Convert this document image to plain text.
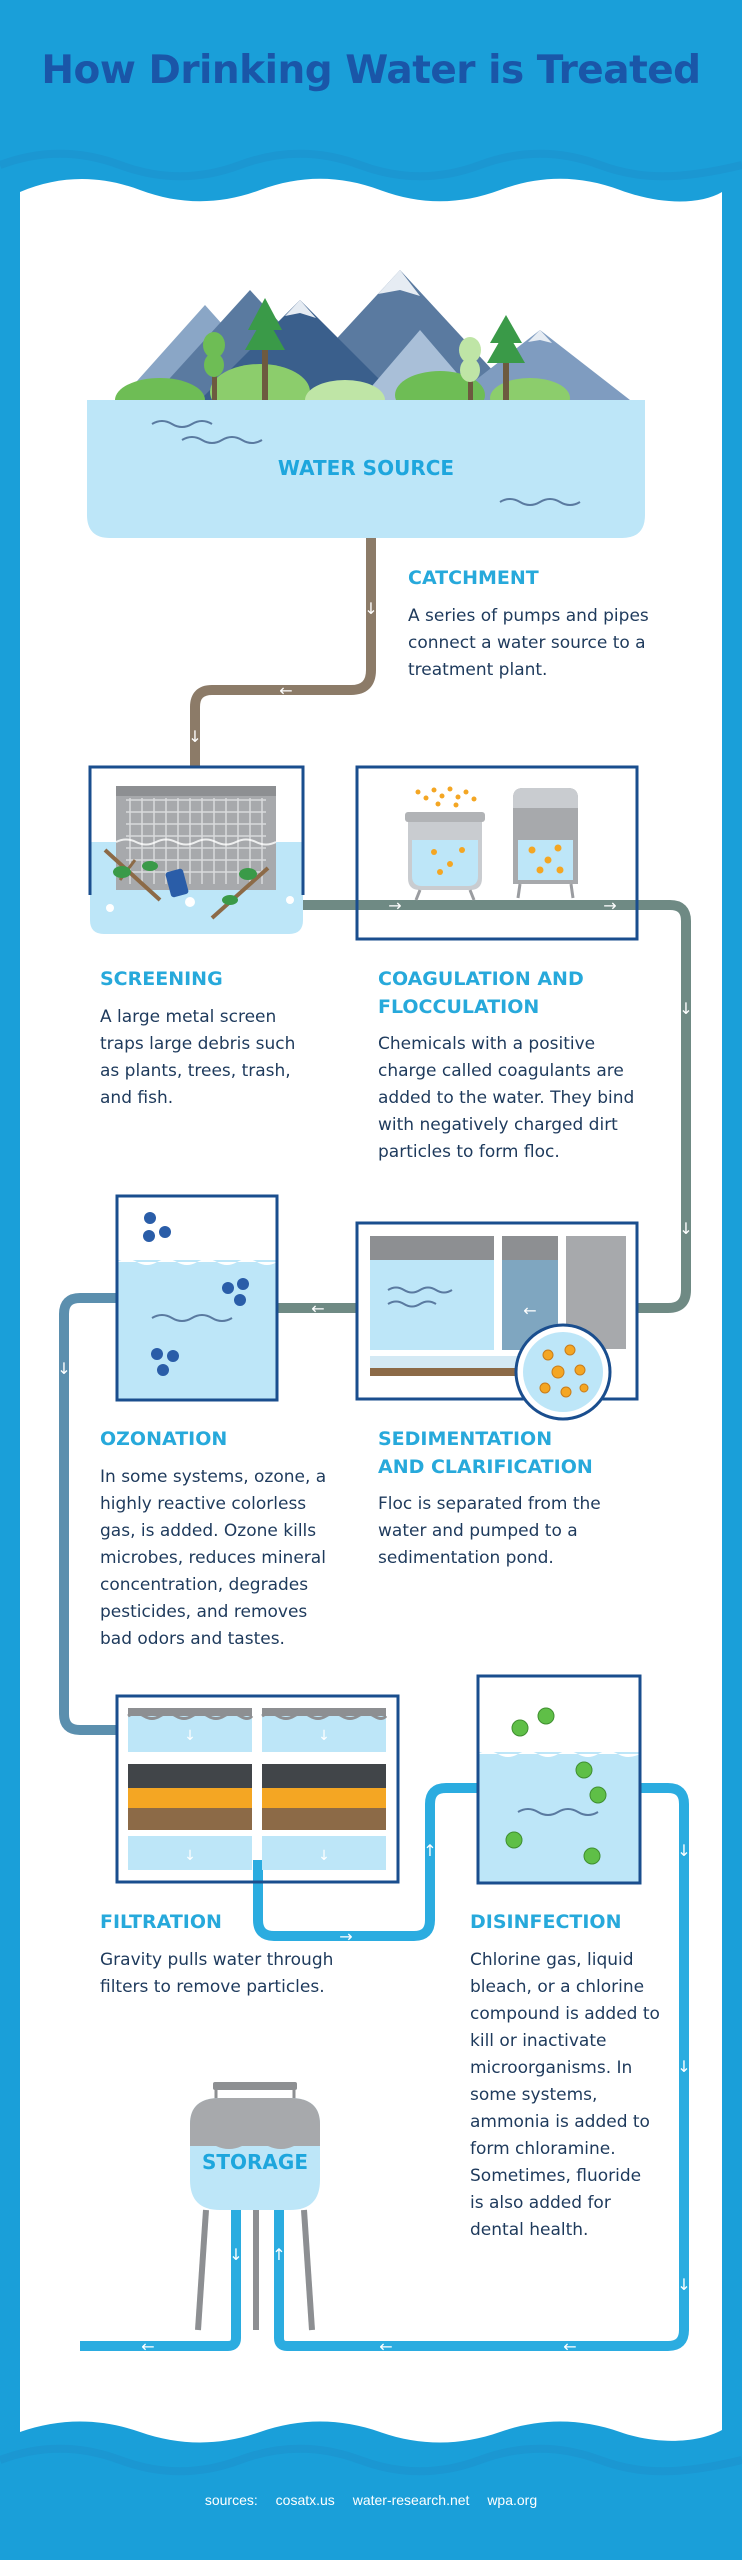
↓
←
↓
→	→
↓
↓
←
↓
→
↑	↓
↓
↓
←
←
↑
↓
←
←
↓
↓
↓
↓
How Drinking Water is Treated
WATER SOURCE
CATCHMENT
A series of pumps and pipes connect a water source to a treatment plant.
SCREENING
A large metal screen traps large debris such as plants, trees, trash, and fish.
COAGULATION AND FLOCCULATION
Chemicals with a positive charge called coagulants are added to the water. They bind with negatively charged dirt particles to form floc.
OZONATION
In some systems, ozone, a highly reactive colorless gas, is added. Ozone kills microbes, reduces mineral concentration, degrades pesticides, and removes bad odors and tastes.
SEDIMENTATION AND CLARIFICATION
Floc is separated from the water and pumped to a sedimentation pond.
FILTRATION
Gravity pulls water through filters to remove particles.
DISINFECTION
Chlorine gas, liquid bleach, or a chlorine compound is added to kill or inactivate microorganisms. In some systems, ammonia is added to form chloramine. Sometimes, fluoride is also added for dental health.
STORAGE
sources: cosatx.us water-research.net wpa.org
